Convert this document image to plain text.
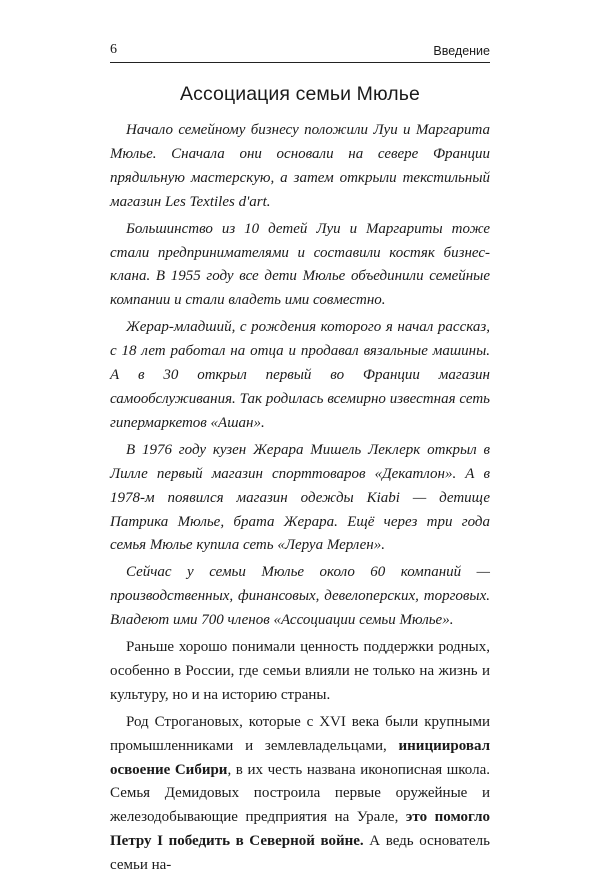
6	Введение
Ассоциация семьи Мюлье

Начало семейному бизнесу положили Луи и Маргарита Мюлье. Сначала они основали на севере Франции прядильную мастерскую, а затем открыли текстильный магазин Les Textiles d'art.

Большинство из 10 детей Луи и Маргариты тоже стали предпринимателями и составили костяк бизнес-клана. В 1955 году все дети Мюлье объединили семейные компании и стали владеть ими совместно.

Жерар-младший, с рождения которого я начал рассказ, с 18 лет работал на отца и продавал вязальные машины. А в 30 открыл первый во Франции магазин самообслуживания. Так родилась всемирно известная сеть гипермаркетов «Ашан».

В 1976 году кузен Жерара Мишель Леклерк открыл в Лилле первый магазин спорттоваров «Декатлон». А в 1978-м появился магазин одежды Kiabi — детище Патрика Мюлье, брата Жерара. Ещё через три года семья Мюлье купила сеть «Леруа Мерлен».

Сейчас у семьи Мюлье около 60 компаний — производственных, финансовых, девелоперских, торговых. Владеют ими 700 членов «Ассоциации семьи Мюлье».

Раньше хорошо понимали ценность поддержки родных, особенно в России, где семьи влияли не только на жизнь и культуру, но и на историю страны.

Род Строгановых, которые с XVI века были крупными промышленниками и землевладельцами, инициировал освоение Сибири, в их честь названа иконописная школа. Семья Демидовых построила первые оружейные и железодобывающие предприятия на Урале, это помогло Петру I победить в Северной войне. А ведь основатель семьи на-
